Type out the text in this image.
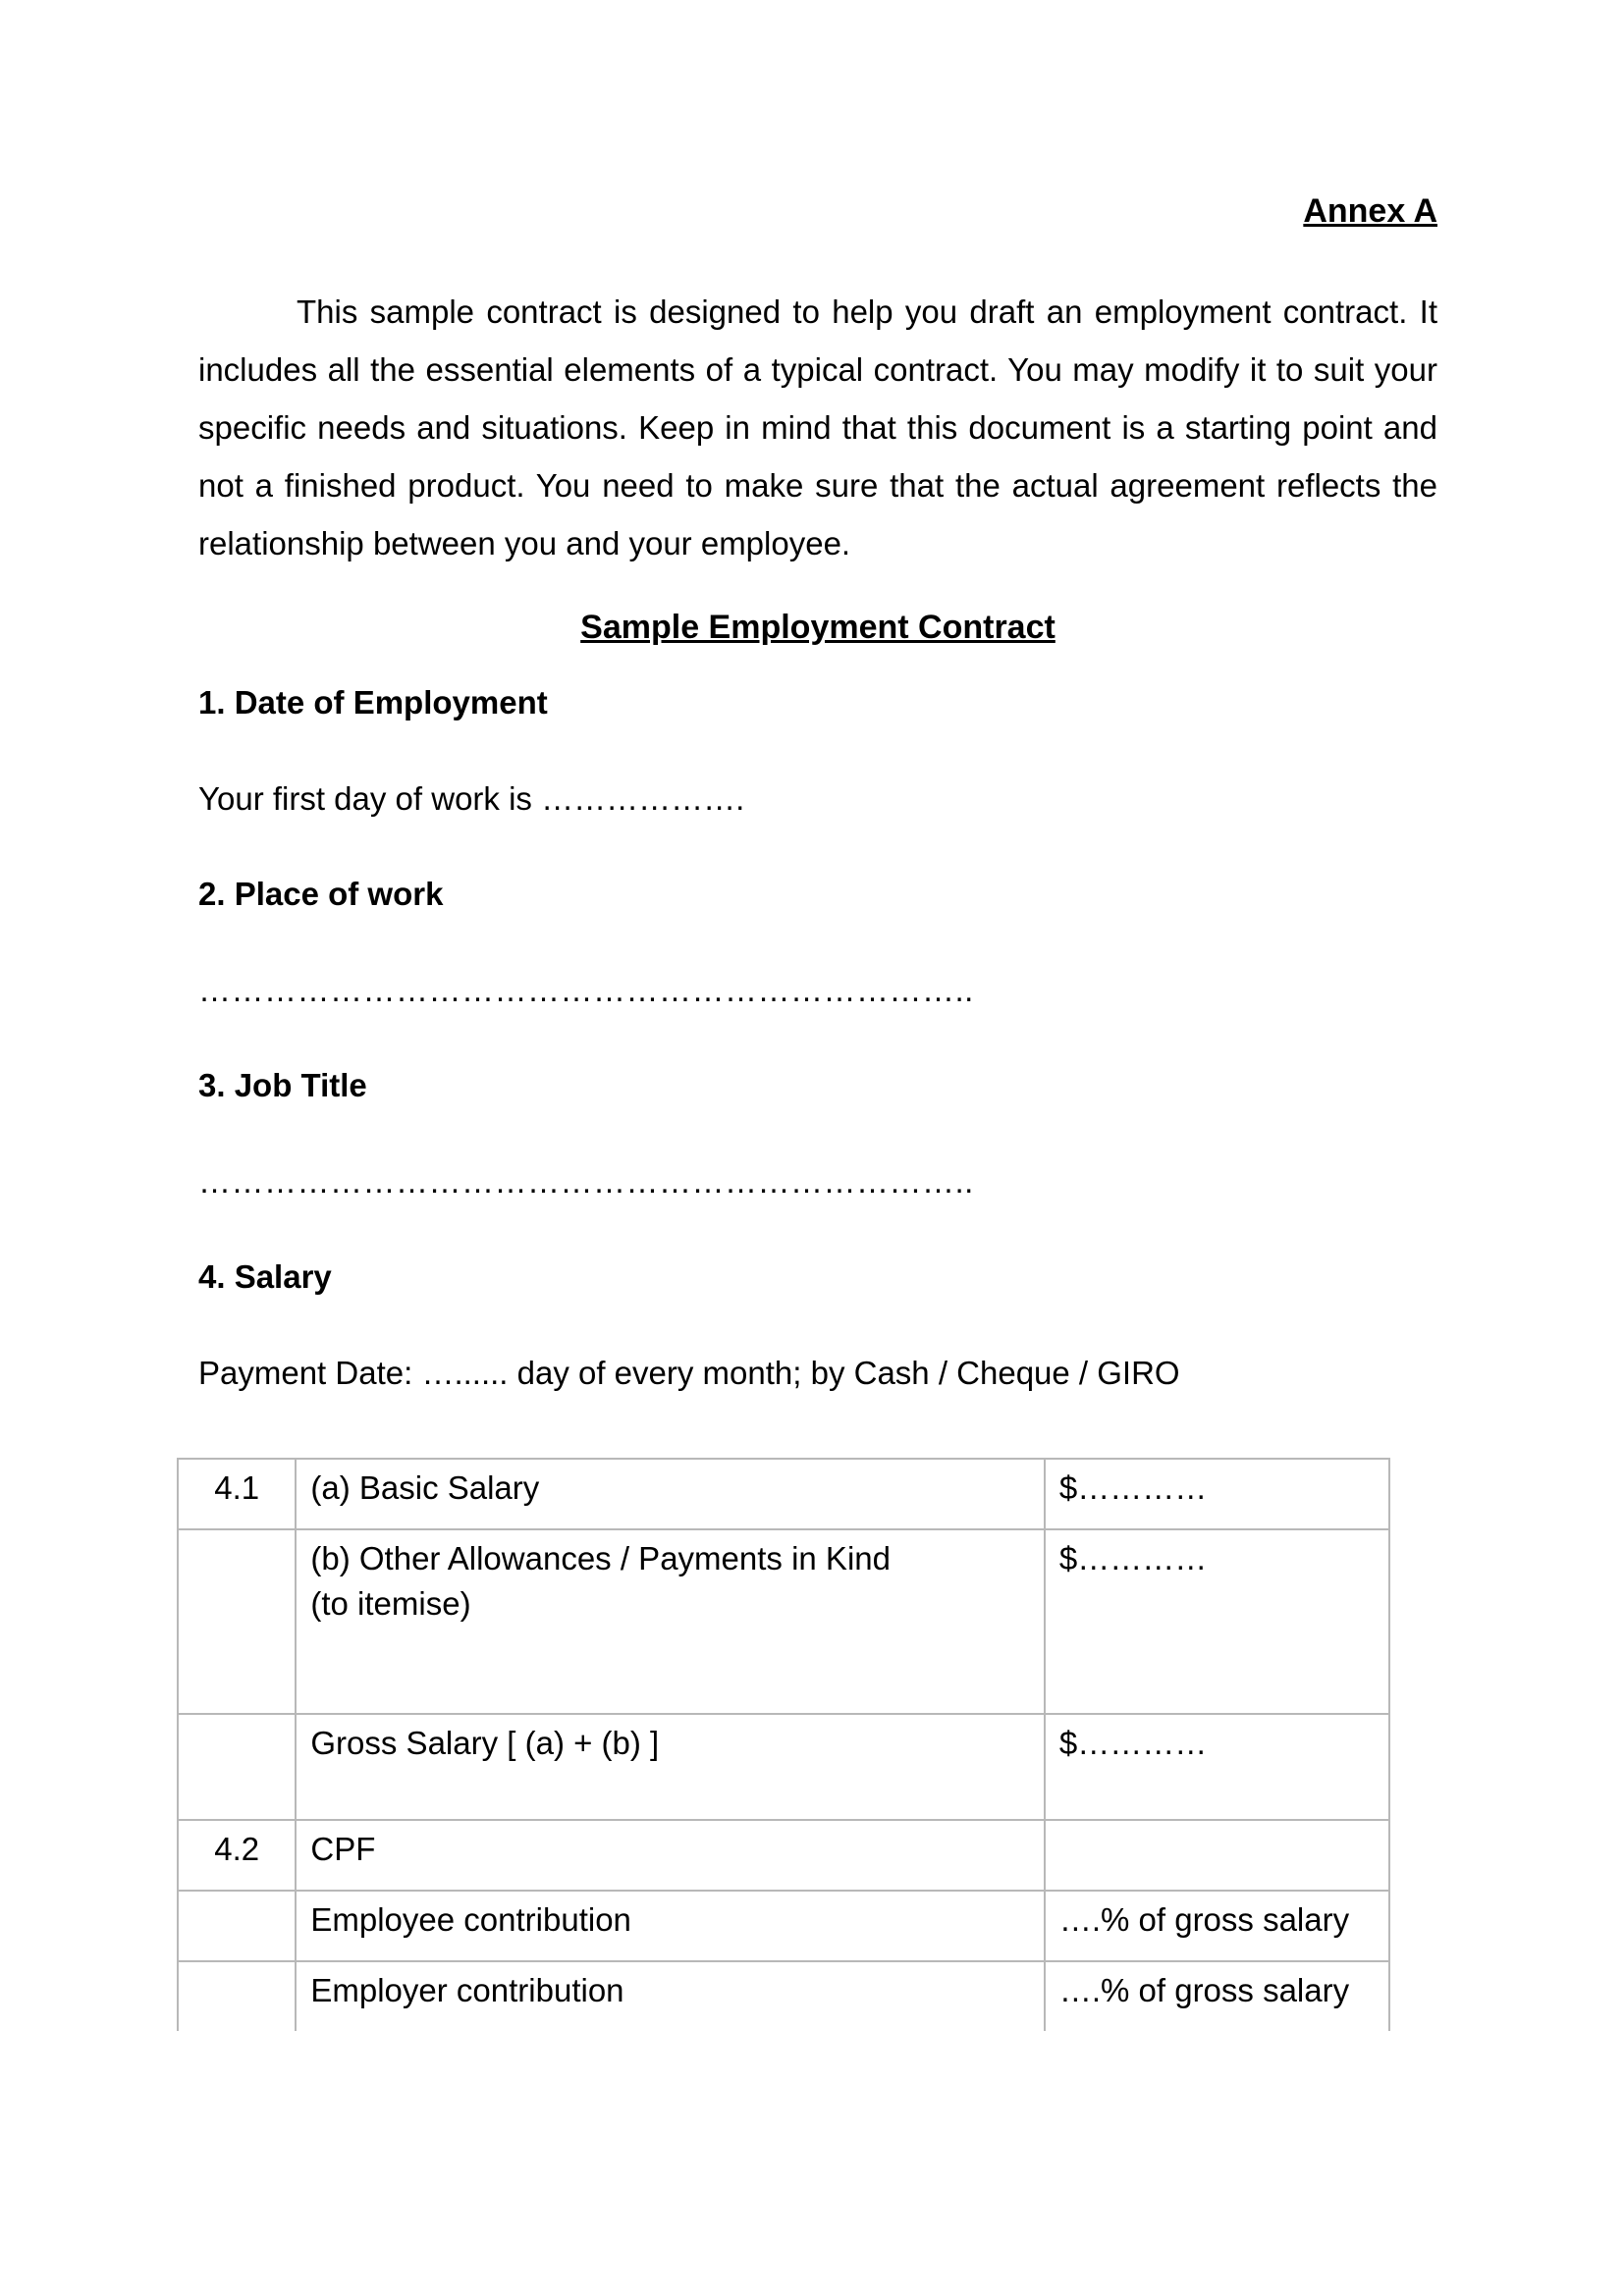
Annex A

This sample contract is designed to help you draft an employment contract. It includes all the essential elements of a typical contract. You may modify it to suit your specific needs and situations. Keep in mind that this document is a starting point and not a finished product. You need to make sure that the actual agreement reflects the relationship between you and your employee.

Sample Employment Contract

1. Date of Employment

Your first day of work is ……………….

2. Place of work

……………………………………………………………..

3. Job Title

……………………………………………………………..

4. Salary

Payment Date: …...... day of every month; by Cash / Cheque / GIRO

4.1	(a) Basic Salary	$…………

	(b) Other Allowances / Payments in Kind
(to itemise)	$…………

	Gross Salary [ (a) + (b) ]	$…………
4.2	CPF	

	Employee contribution	….% of gross salary

	Employer contribution	….% of gross salary
